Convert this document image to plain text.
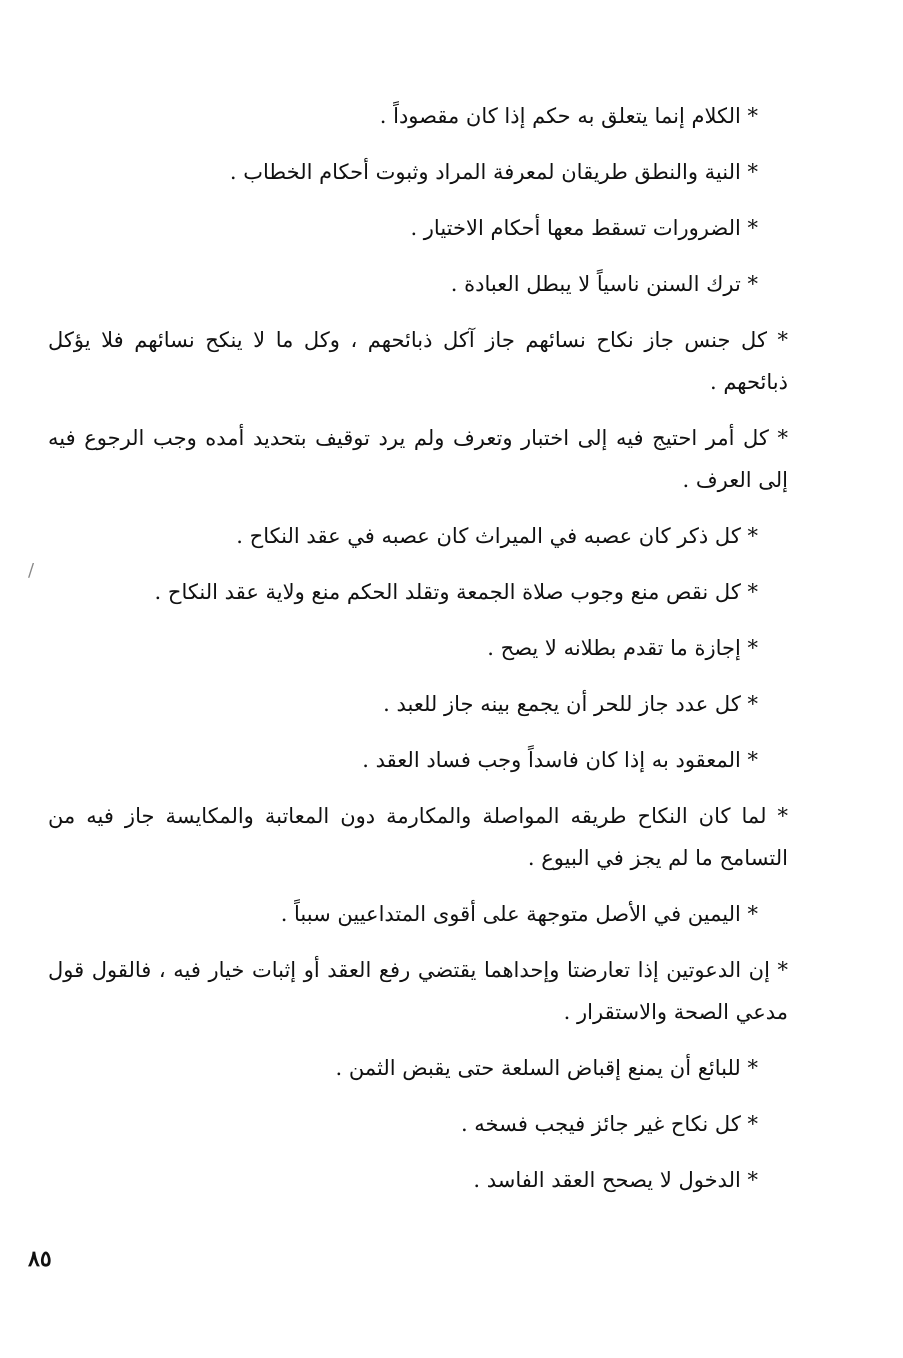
* الكلام إنما يتعلق به حكم إذا كان مقصوداً .

* النية والنطق طريقان لمعرفة المراد وثبوت أحكام الخطاب .

* الضرورات تسقط معها أحكام الاختيار .

* ترك السنن ناسياً لا يبطل العبادة .

* كل جنس جاز نكاح نسائهم جاز آكل ذبائحهم ، وكل ما لا ينكح نسائهم فلا يؤكل ذبائحهم .

* كل أمر احتيج فيه إلى اختبار وتعرف ولم يرد توقيف بتحديد أمده وجب الرجوع فيه إلى العرف .

* كل ذكر كان عصبه في الميراث كان عصبه في عقد النكاح .

* كل نقص منع وجوب صلاة الجمعة وتقلد الحكم منع ولاية عقد النكاح .

* إجازة ما تقدم بطلانه لا يصح .

* كل عدد جاز للحر أن يجمع بينه جاز للعبد .

* المعقود به إذا كان فاسداً وجب فساد العقد .

* لما كان النكاح طريقه المواصلة والمكارمة دون المعاتبة والمكايسة جاز فيه من التسامح ما لم يجز في البيوع .

* اليمين في الأصل متوجهة على أقوى المتداعيين سبباً .

* إن الدعوتين إذا تعارضتا وإحداهما يقتضي رفع العقد أو إثبات خيار فيه ، فالقول قول مدعي الصحة والاستقرار .

* للبائع أن يمنع إقباض السلعة حتى يقبض الثمن .

* كل نكاح غير جائز فيجب فسخه .

* الدخول لا يصحح العقد الفاسد .

٨٥
/
